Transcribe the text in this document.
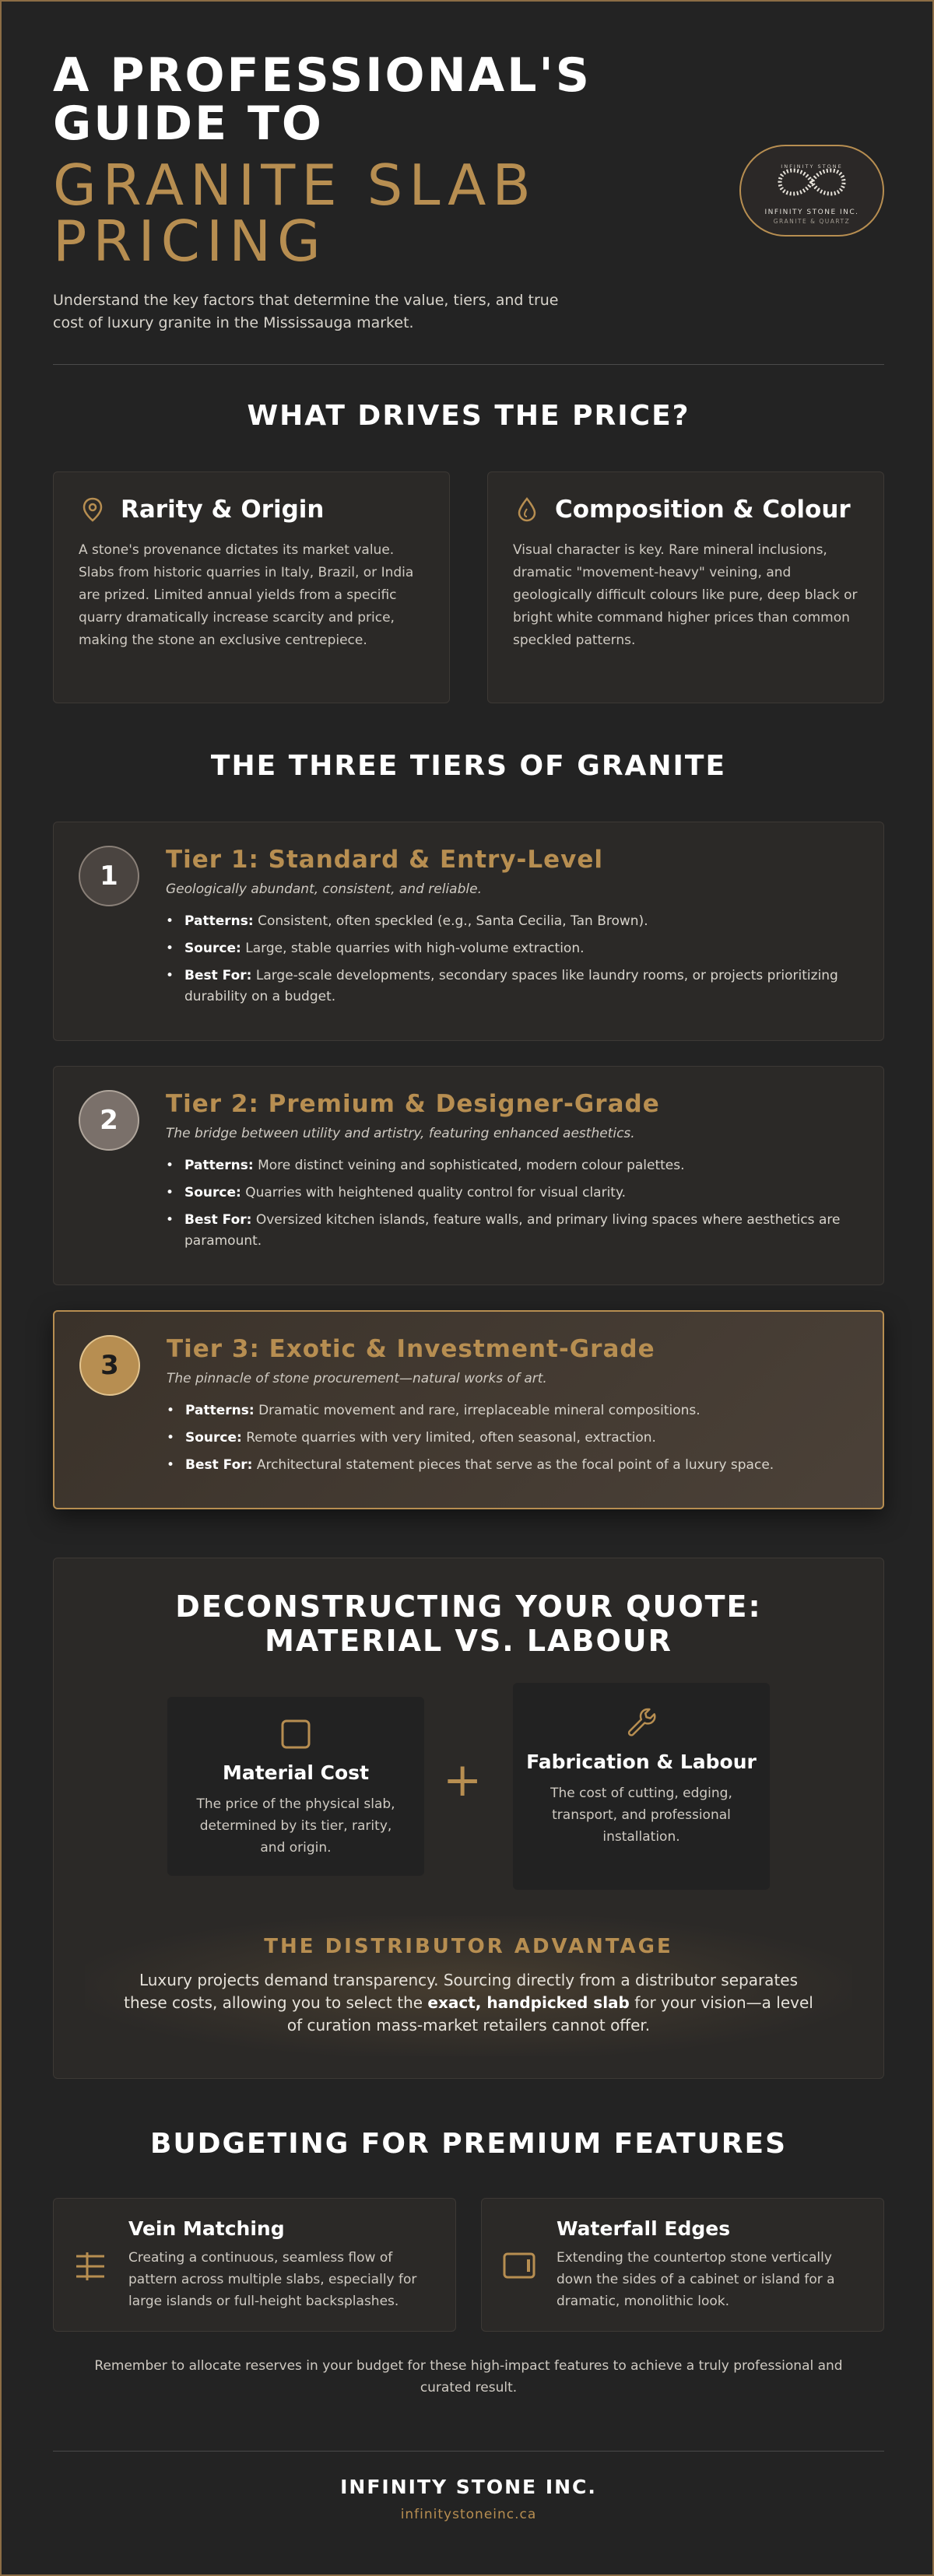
A PROFESSIONAL'S GUIDE TO
GRANITE SLAB PRICING
Understand the key factors that determine the value, tiers, and true cost of luxury granite in the Mississauga market.
INFINITY STONE
INFINITY STONE INC.
GRANITE & QUARTZ
WHAT DRIVES THE PRICE?
Rarity & Origin
A stone's provenance dictates its market value. Slabs from historic quarries in Italy, Brazil, or India are prized. Limited annual yields from a specific quarry dramatically increase scarcity and price, making the stone an exclusive centrepiece.
Composition & Colour
Visual character is key. Rare mineral inclusions, dramatic "movement-heavy" veining, and geologically difficult colours like pure, deep black or bright white command higher prices than common speckled patterns.
THE THREE TIERS OF GRANITE
1
Tier 1: Standard & Entry-Level
Geologically abundant, consistent, and reliable.
• Patterns: Consistent, often speckled (e.g., Santa Cecilia, Tan Brown).
• Source: Large, stable quarries with high-volume extraction.
• Best For: Large-scale developments, secondary spaces like laundry rooms, or projects prioritizing durability on a budget.
2
Tier 2: Premium & Designer-Grade
The bridge between utility and artistry, featuring enhanced aesthetics.
• Patterns: More distinct veining and sophisticated, modern colour palettes.
• Source: Quarries with heightened quality control for visual clarity.
• Best For: Oversized kitchen islands, feature walls, and primary living spaces where aesthetics are paramount.
3
Tier 3: Exotic & Investment-Grade
The pinnacle of stone procurement—natural works of art.
• Patterns: Dramatic movement and rare, irreplaceable mineral compositions.
• Source: Remote quarries with very limited, often seasonal, extraction.
• Best For: Architectural statement pieces that serve as the focal point of a luxury space.
DECONSTRUCTING YOUR QUOTE: MATERIAL VS. LABOUR
Material Cost
The price of the physical slab, determined by its tier, rarity, and origin.
+	Fabrication & Labour
The cost of cutting, edging, transport, and professional installation.
THE DISTRIBUTOR ADVANTAGE
Luxury projects demand transparency. Sourcing directly from a distributor separates these costs, allowing you to select the exact, handpicked slab for your vision—a level of curation mass-market retailers cannot offer.
BUDGETING FOR PREMIUM FEATURES
Vein Matching
Creating a continuous, seamless flow of pattern across multiple slabs, especially for large islands or full-height backsplashes.
Waterfall Edges
Extending the countertop stone vertically down the sides of a cabinet or island for a dramatic, monolithic look.
Remember to allocate reserves in your budget for these high-impact features to achieve a truly professional and curated result.
INFINITY STONE INC.
infinitystoneinc.ca
